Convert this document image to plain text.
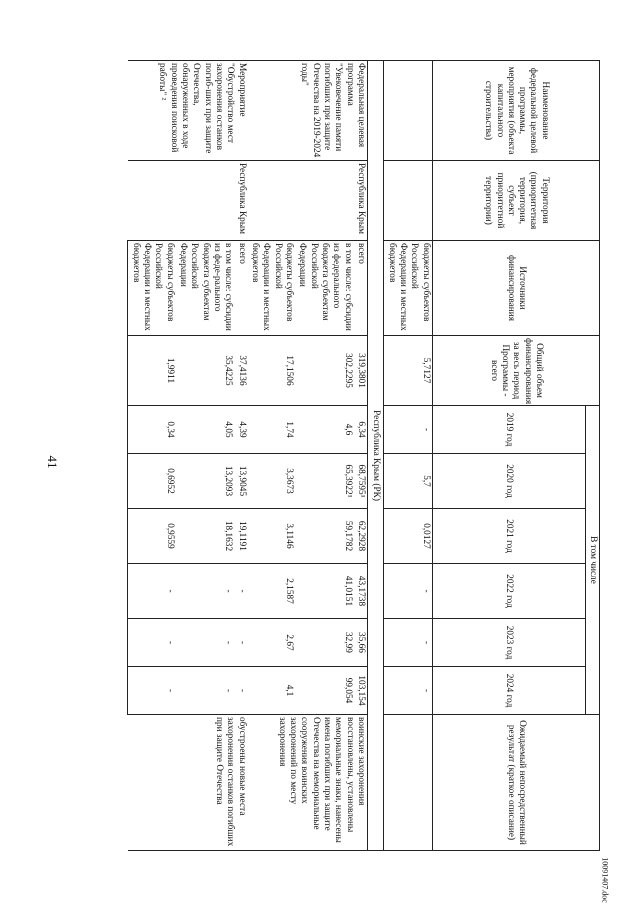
41
10091407.doc
Наименование федеральной целевой программы, мероприятия (объекта капитального строительства)	Территория (приоритетная территория, субъект приоритетной территории)	Источники финансирования	Общий объем финансирования за весь период Программы - всего	В том числе						Ожидаемый непосредственный результат (краткое описание)
				2019 год	2020 год	2021 год	2022 год	2023 год	2024 год	
		бюджеты субъектов Российской Федерации и местных бюджетов	5,7127	-	5,7	0,0127	-	-	-	
Республика Крым (РК)										
Федеральная целевая программа "Увековечение памяти погибших при защите Отечества на 2019-2024 годы"	Республика Крым	всего	319,3801	6,34	68,7595¹	62,2928	43,1738	35,66	103,154	воинские захоронения восстановлены, установлены мемориальные знаки, нанесены имена погибших при защите Отечества на мемориальные сооружения воинских захоронений по месту захоронения
		в том числе: субсидии из федерального бюджета субъектам Российской Федерации	302,2295	4,6	65,3922¹	59,1782	41,0151	32,99	99,054	
		бюджеты субъектов Российской Федерации и местных бюджетов	17,1506	1,74	3,3673	3,1146	2,1587	2,67	4,1	
Мероприятие "Обустройство мест захоронения останков погиб-ших при защите Отечества, обнаруженных в ходе проведения поисковой работы" ²	Республика Крым	всего	37,4136	4,39	13,9045	19,1191	-	-	-	обустроены новые места захоронения останков погибших при защите Отечества
		в том числе: субсидии из феде-рального бюджета субъектам Российской Федерации	35,4225	4,05	13,2093	18,1632	-	-	-	
		бюджеты субъектов Российской Федерации и местных бюджетов	1,9911	0,34	0,6952	0,9559	-	-	-	
